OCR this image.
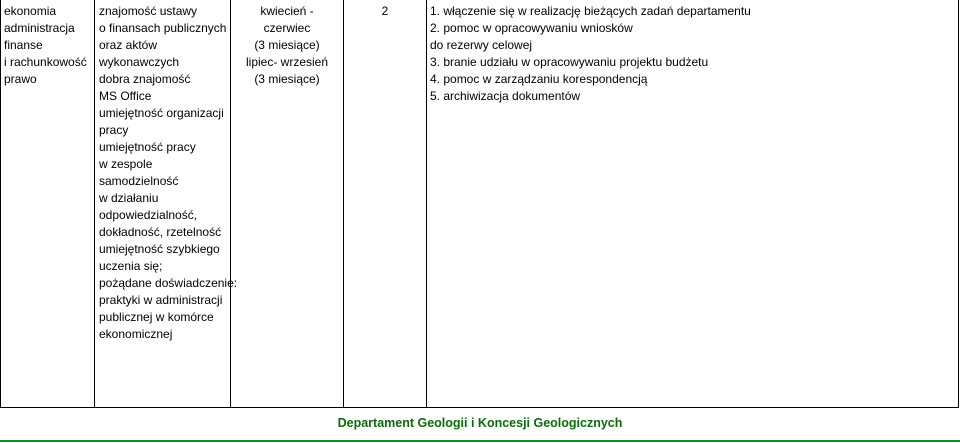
ekonomia
administracja
finanse
i rachunkowość
prawo
znajomość ustawy
o finansach publicznych
oraz aktów
wykonawczych
dobra znajomość
MS Office
umiejętność organizacji
pracy
umiejętność pracy
w zespole
samodzielność
w działaniu
odpowiedzialność,
dokładność, rzetelność
umiejętność szybkiego
uczenia się;
pożądane doświadczenie:
praktyki w administracji
publicznej w komórce
ekonomicznej
kwiecień -
czerwiec
(3 miesiące)
lipiec- wrzesień
(3 miesiące)
2	1. włączenie się w realizację bieżących zadań departamentu
2. pomoc w opracowywaniu wniosków
do rezerwy celowej
3. branie udziału w opracowywaniu projektu budżetu
4. pomoc w zarządzaniu korespondencją
5. archiwizacja dokumentów
Departament Geologii i Koncesji Geologicznych
